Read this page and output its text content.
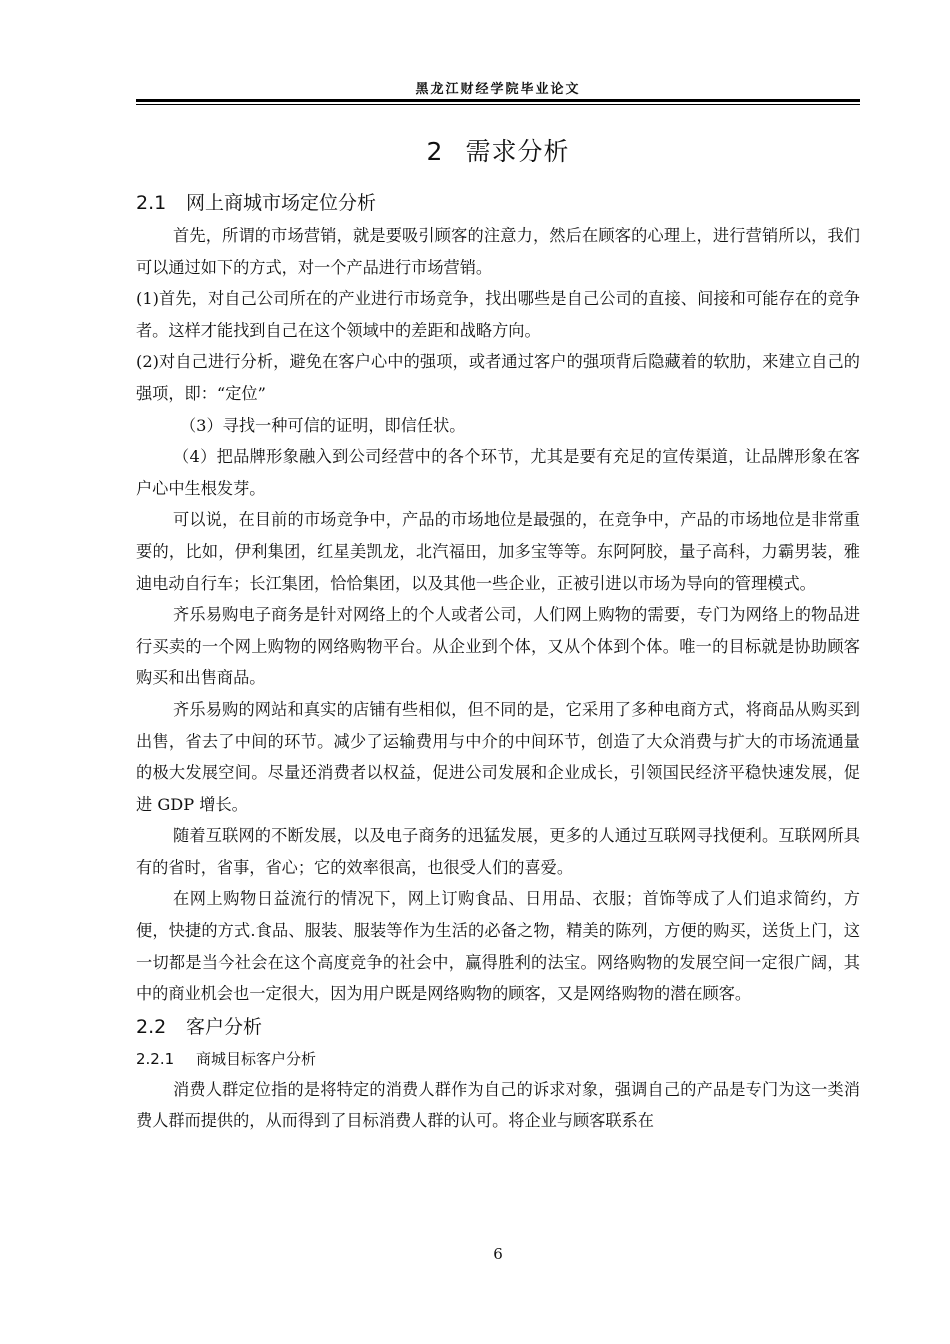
黑龙江财经学院毕业论文
2 需求分析
2.1 网上商城市场定位分析

首先，所谓的市场营销，就是要吸引顾客的注意力，然后在顾客的心理上，进行营销所以，我们可以通过如下的方式，对一个产品进行市场营销。

(1)首先，对自己公司所在的产业进行市场竞争，找出哪些是自己公司的直接、间接和可能存在的竞争者。这样才能找到自己在这个领域中的差距和战略方向。

(2)对自己进行分析，避免在客户心中的强项，或者通过客户的强项背后隐藏着的软肋，来建立自己的强项，即：“定位”

（3）寻找一种可信的证明，即信任状。

（4）把品牌形象融入到公司经营中的各个环节，尤其是要有充足的宣传渠道，让品牌形象在客户心中生根发芽。

可以说，在目前的市场竞争中，产品的市场地位是最强的，在竞争中，产品的市场地位是非常重要的，比如，伊利集团，红星美凯龙，北汽福田，加多宝等等。东阿阿胶，量子高科，力霸男装，雅迪电动自行车；长江集团，恰恰集团，以及其他一些企业，正被引进以市场为导向的管理模式。

齐乐易购电子商务是针对网络上的个人或者公司，人们网上购物的需要，专门为网络上的物品进行买卖的一个网上购物的网络购物平台。从企业到个体，又从个体到个体。唯一的目标就是协助顾客购买和出售商品。

齐乐易购的网站和真实的店铺有些相似，但不同的是，它采用了多种电商方式，将商品从购买到出售，省去了中间的环节。减少了运输费用与中介的中间环节，创造了大众消费与扩大的市场流通量的极大发展空间。尽量还消费者以权益，促进公司发展和企业成长，引领国民经济平稳快速发展，促进 GDP 增长。

随着互联网的不断发展，以及电子商务的迅猛发展，更多的人通过互联网寻找便利。互联网所具有的省时，省事，省心；它的效率很高，也很受人们的喜爱。

在网上购物日益流行的情况下，网上订购食品、日用品、衣服；首饰等成了人们追求简约，方便，快捷的方式.食品、服装、服装等作为生活的必备之物，精美的陈列，方便的购买，送货上门，这一切都是当今社会在这个高度竞争的社会中，赢得胜利的法宝。网络购物的发展空间一定很广阔，其中的商业机会也一定很大，因为用户既是网络购物的顾客，又是网络购物的潜在顾客。

2.2 客户分析
2.2.1 商城目标客户分析

消费人群定位指的是将特定的消费人群作为自己的诉求对象，强调自己的产品是专门为这一类消费人群而提供的，从而得到了目标消费人群的认可。将企业与顾客联系在

6
